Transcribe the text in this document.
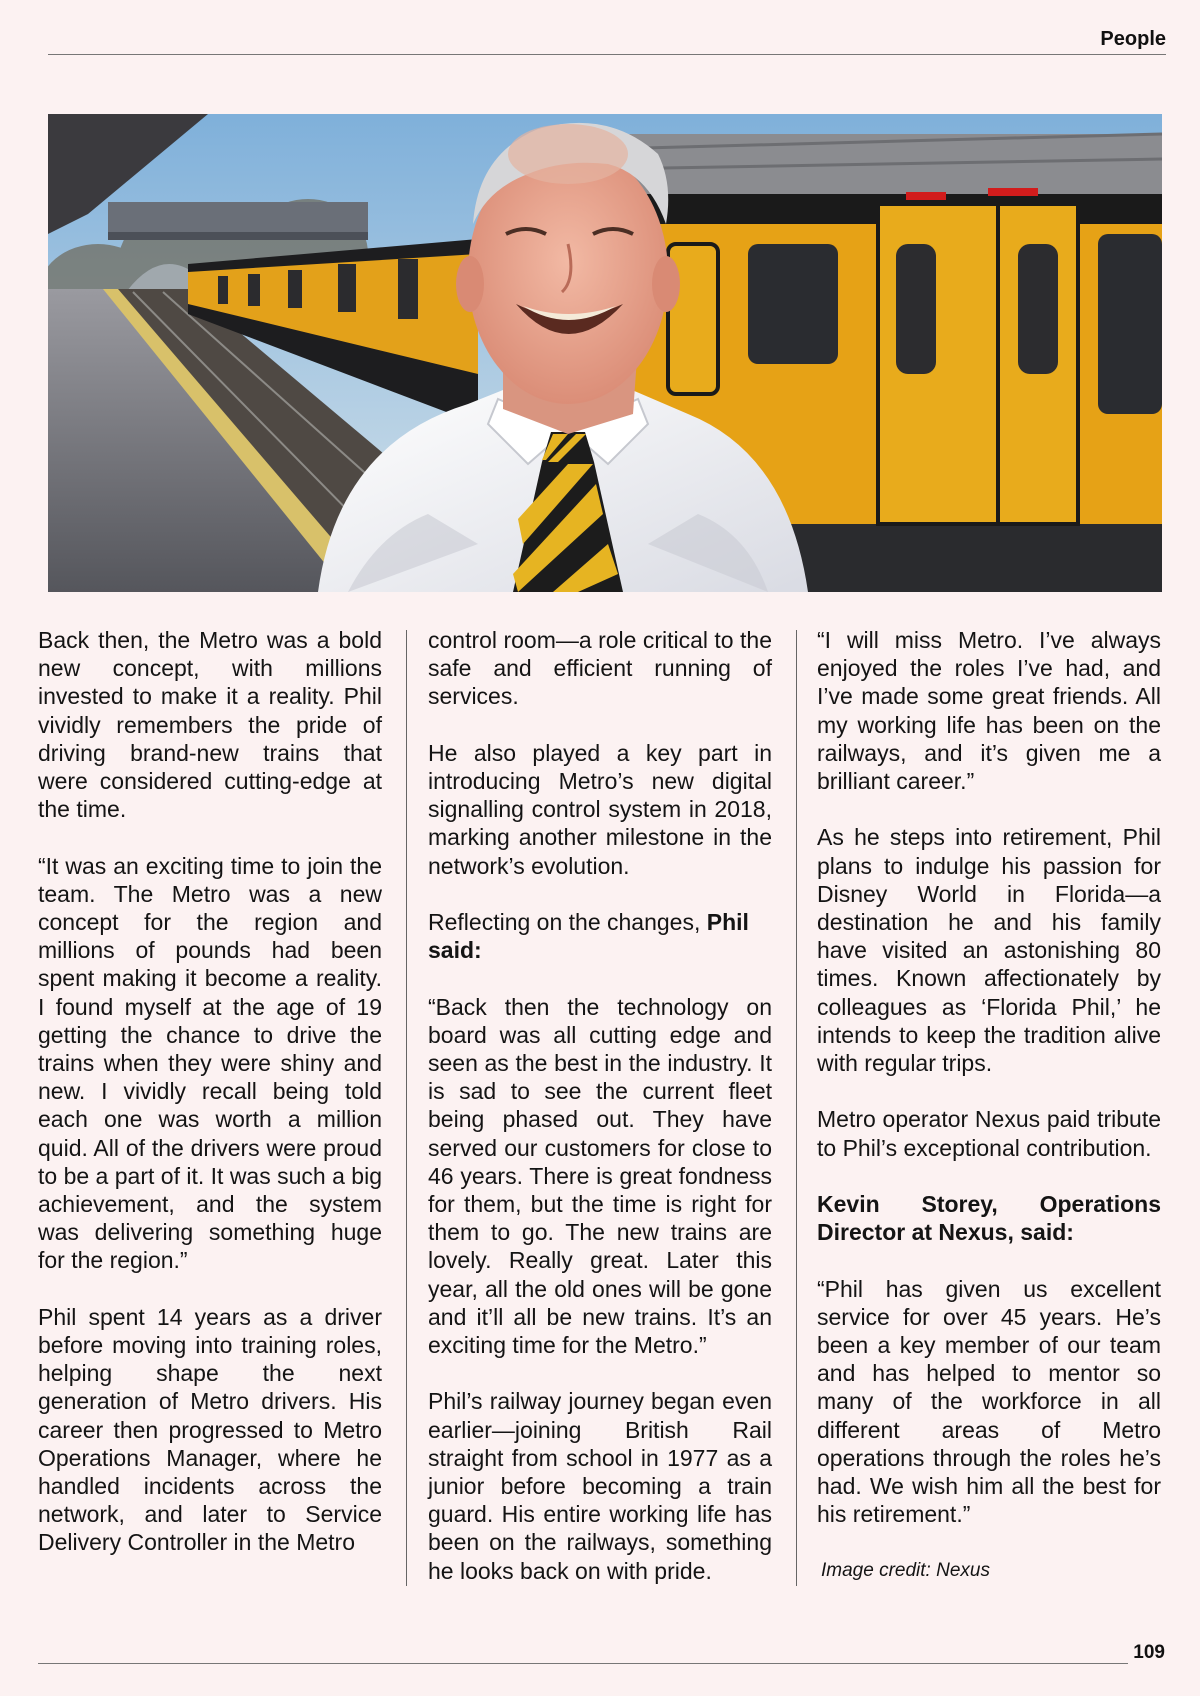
People

Back then, the Metro was a bold new concept, with millions invested to make it a reality. Phil vividly remembers the pride of driving brand-new trains that were considered cutting-edge at the time.

“It was an exciting time to join the team. The Metro was a new concept for the region and millions of pounds had been spent making it become a reality. I found myself at the age of 19 getting the chance to drive the trains when they were shiny and new. I vividly recall being told each one was worth a million quid. All of the drivers were proud to be a part of it. It was such a big achievement, and the system was delivering something huge for the region.”

Phil spent 14 years as a driver before moving into training roles, helping shape the next generation of Metro drivers. His career then progressed to Metro Operations Manager, where he handled incidents across the network, and later to Service Delivery Controller in the Metro

control room—a role critical to the safe and efficient running of services.

He also played a key part in introducing Metro’s new digital signalling control system in 2018, marking another milestone in the network’s evolution.

Reflecting on the changes, Phil said:

“Back then the technology on board was all cutting edge and seen as the best in the industry. It is sad to see the current fleet being phased out. They have served our customers for close to 46 years. There is great fondness for them, but the time is right for them to go. The new trains are lovely. Really great. Later this year, all the old ones will be gone and it’ll all be new trains. It’s an exciting time for the Metro.”

Phil’s railway journey began even earlier—joining British Rail straight from school in 1977 as a junior before becoming a train guard. His entire working life has been on the railways, something he looks back on with pride.

“I will miss Metro. I’ve always enjoyed the roles I’ve had, and I’ve made some great friends. All my working life has been on the railways, and it’s given me a brilliant career.”

As he steps into retirement, Phil plans to indulge his passion for Disney World in Florida—a destination he and his family have visited an astonishing 80 times. Known affectionately by colleagues as ‘Florida Phil,’ he intends to keep the tradition alive with regular trips.

Metro operator Nexus paid tribute to Phil’s exceptional contribution.

Kevin Storey, Operations Director at Nexus, said:

“Phil has given us excellent service for over 45 years. He’s been a key member of our team and has helped to mentor so many of the workforce in all different areas of Metro operations through the roles he’s had. We wish him all the best for his retirement.”

Image credit: Nexus

109
